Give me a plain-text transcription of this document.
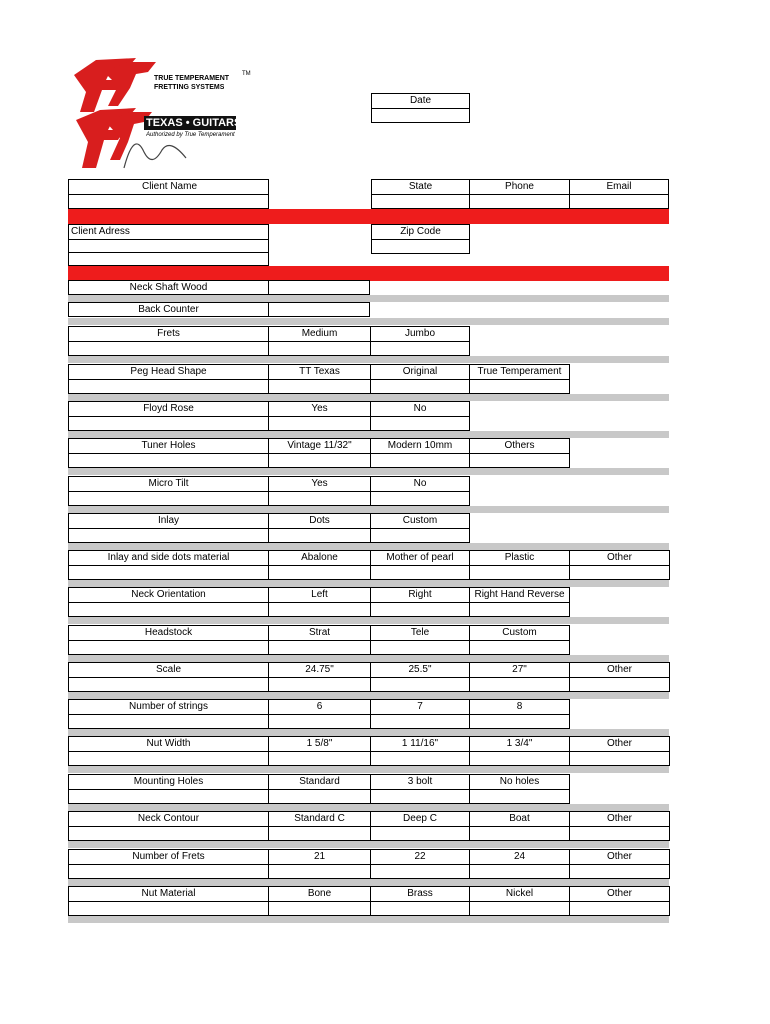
TRUE TEMPERAMENT
FRETTING SYSTEMS
TM
TEXAS • GUITARS
Authorized by True Temperament
Date
Client Name	State	Phone	Email
Client Adress	Zip Code
Neck Shaft Wood
Back Counter
Frets	Medium	Jumbo
Peg Head Shape	TT Texas	Original	True Temperament
Floyd Rose	Yes	No
Tuner Holes	Vintage 11/32"	Modern 10mm	Others
Micro Tilt	Yes	No
Inlay	Dots	Custom
Inlay and side dots material	Abalone	Mother of pearl	Plastic	Other
Neck Orientation	Left	Right	Right Hand Reverse
Headstock	Strat	Tele	Custom
Scale	24.75"	25.5"	27"	Other
Number of strings	6	7	8
Nut Width	1 5/8"	1 11/16"	1 3/4"	Other
Mounting Holes	Standard	3 bolt	No holes
Neck Contour	Standard C	Deep C	Boat	Other
Number of Frets	21	22	24	Other
Nut Material	Bone	Brass	Nickel	Other
